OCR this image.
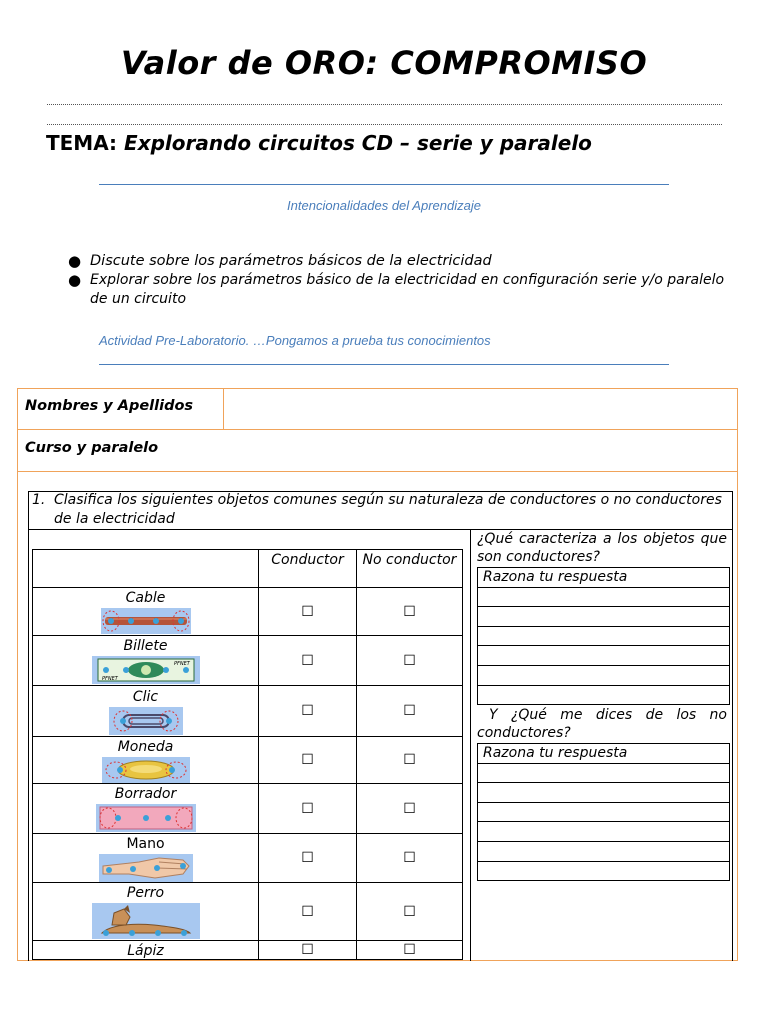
Valor de ORO: COMPROMISO
TEMA: Explorando circuitos CD – serie y paralelo
Intencionalidades del Aprendizaje
● Discute sobre los parámetros básicos de la electricidad
● Explorar sobre los parámetros básico de la electricidad en configuración serie y/o paralelo de un circuito
Actividad Pre-Laboratorio. …Pongamos a prueba tus conocimientos
Nombres y Apellidos
Curso y paralelo
1. Clasifica los siguientes objetos comunes según su naturaleza de conductores o no conductores de la electricidad
	Conductor	No conductor

Cable	☐	☐

Billete
PFNET
PFNET	☐	☐

Clic	☐	☐

Moneda	☐	☐

Borrador	☐	☐

Mano	☐	☐

Perro	☐	☐

Lápiz	☐	☐
¿Qué caracteriza a los objetos que son conductores?
Razona tu respuesta

Y ¿Qué me dices de los no conductores?
Razona tu respuesta
